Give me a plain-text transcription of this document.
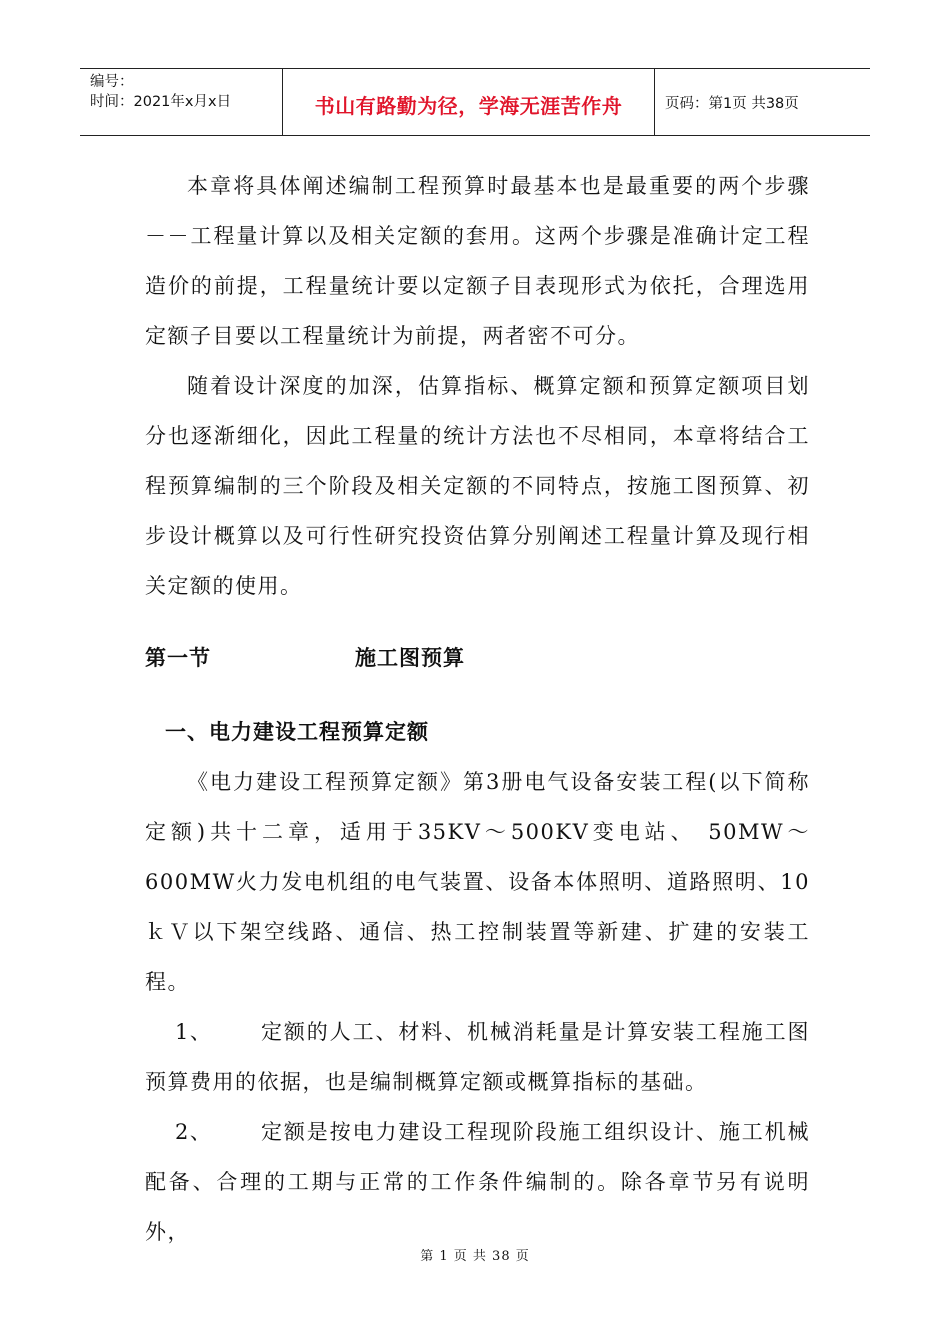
编号：
时间：2021年x月x日	书山有路勤为径，学海无涯苦作舟	页码：第1页 共38页

本章将具体阐述编制工程预算时最基本也是最重要的两个步骤－－工程量计算以及相关定额的套用。这两个步骤是准确计定工程造价的前提，工程量统计要以定额子目表现形式为依托，合理选用定额子目要以工程量统计为前提，两者密不可分。

随着设计深度的加深，估算指标、概算定额和预算定额项目划分也逐渐细化，因此工程量的统计方法也不尽相同，本章将结合工程预算编制的三个阶段及相关定额的不同特点，按施工图预算、初步设计概算以及可行性研究投资估算分别阐述工程量计算及现行相关定额的使用。

第一节	施工图预算
一、电力建设工程预算定额

《电力建设工程预算定额》第3册电气设备安装工程(以下简称定额)共十二章，适用于35KV～500KV变电站、 50MW～600MW火力发电机组的电气装置、设备本体照明、道路照明、10ｋＶ以下架空线路、通信、热工控制装置等新建、扩建的安装工程。

1、 定额的人工、材料、机械消耗量是计算安装工程施工图预算费用的依据，也是编制概算定额或概算指标的基础。

2、 定额是按电力建设工程现阶段施工组织设计、施工机械配备、合理的工期与正常的工作条件编制的。除各章节另有说明外，

第 1 页 共 38 页
